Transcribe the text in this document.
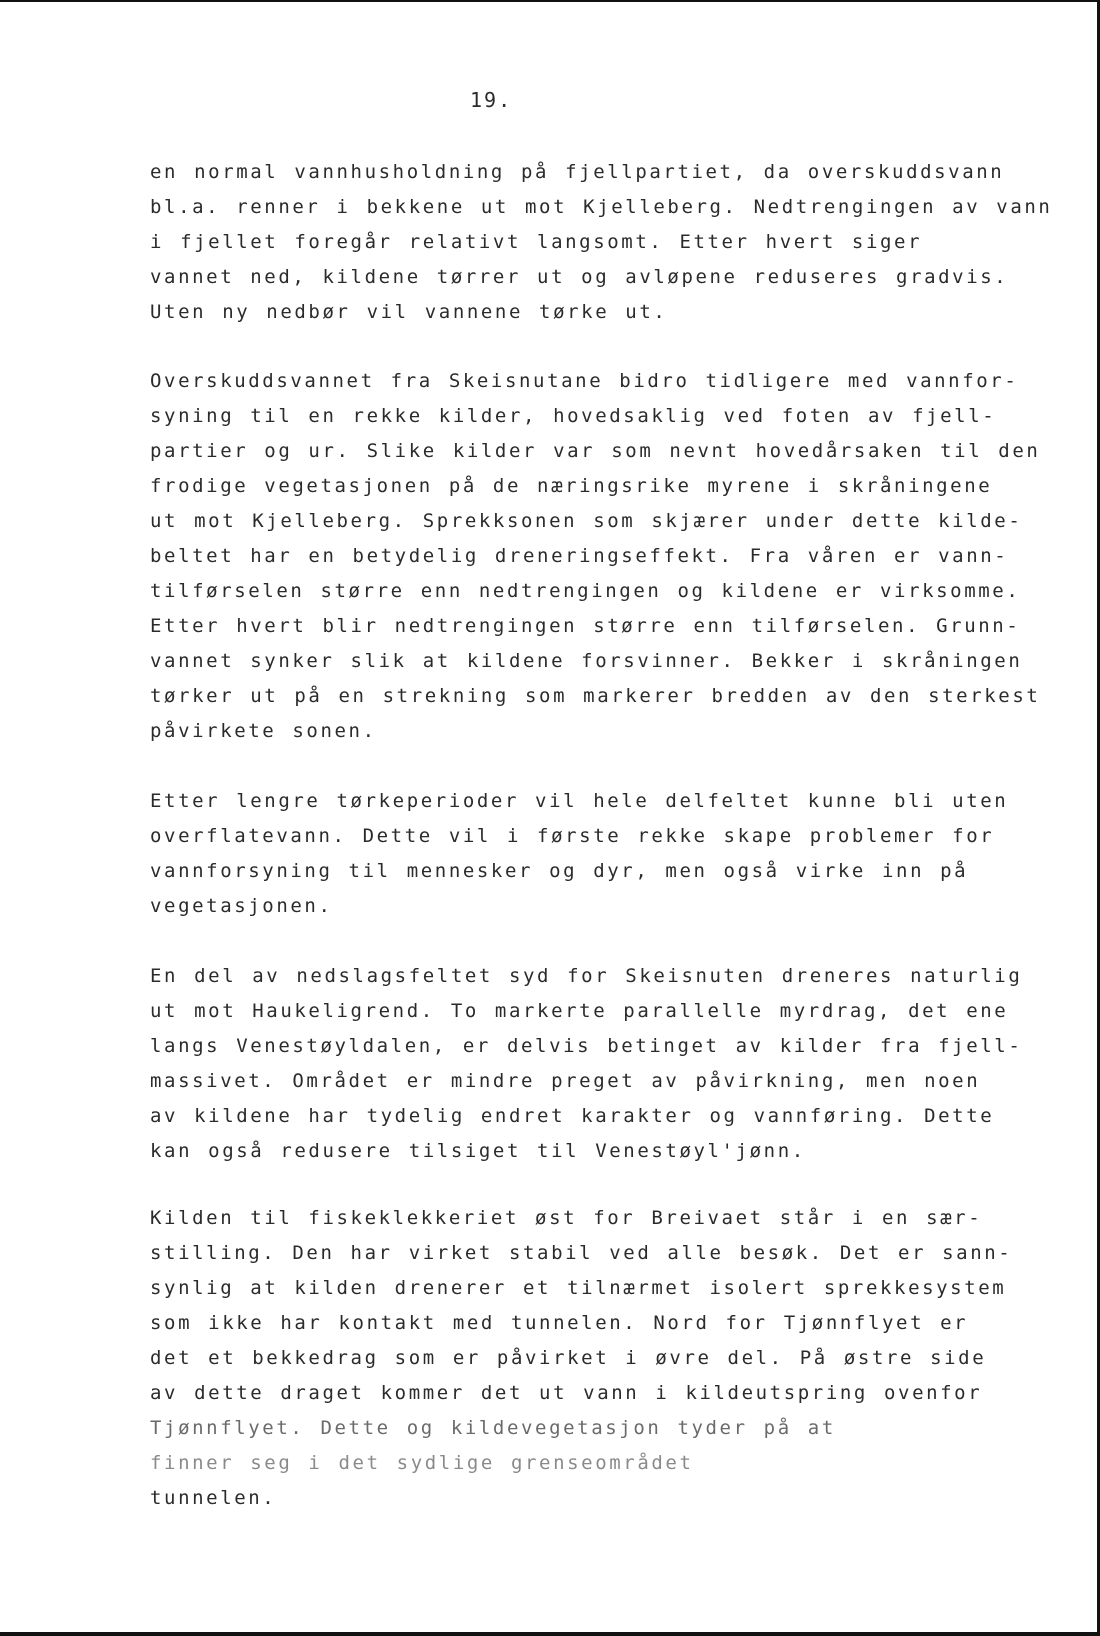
19.
en normal vannhusholdning på fjellpartiet, da overskuddsvann
bl.a. renner i bekkene ut mot Kjelleberg. Nedtrengingen av vann
i fjellet foregår relativt langsomt. Etter hvert siger
vannet ned, kildene tørrer ut og avløpene reduseres gradvis.
Uten ny nedbør vil vannene tørke ut.
Overskuddsvannet fra Skeisnutane bidro tidligere med vannfor-
syning til en rekke kilder, hovedsaklig ved foten av fjell-
partier og ur. Slike kilder var som nevnt hovedårsaken til den
frodige vegetasjonen på de næringsrike myrene i skråningene
ut mot Kjelleberg. Sprekksonen som skjærer under dette kilde-
beltet har en betydelig dreneringseffekt. Fra våren er vann-
tilførselen større enn nedtrengingen og kildene er virksomme.
Etter hvert blir nedtrengingen større enn tilførselen. Grunn-
vannet synker slik at kildene forsvinner. Bekker i skråningen
tørker ut på en strekning som markerer bredden av den sterkest
påvirkete sonen.
Etter lengre tørkeperioder vil hele delfeltet kunne bli uten
overflatevann. Dette vil i første rekke skape problemer for
vannforsyning til mennesker og dyr, men også virke inn på
vegetasjonen.
En del av nedslagsfeltet syd for Skeisnuten dreneres naturlig
ut mot Haukeligrend. To markerte parallelle myrdrag, det ene
langs Venestøyldalen, er delvis betinget av kilder fra fjell-
massivet. Området er mindre preget av påvirkning, men noen
av kildene har tydelig endret karakter og vannføring. Dette
kan også redusere tilsiget til Venestøyl'jønn.
Kilden til fiskeklekkeriet øst for Breivaet står i en sær-
stilling. Den har virket stabil ved alle besøk. Det er sann-
synlig at kilden drenerer et tilnærmet isolert sprekkesystem
som ikke har kontakt med tunnelen. Nord for Tjønnflyet er
det et bekkedrag som er påvirket i øvre del. På østre side
av dette draget kommer det ut vann i kildeutspring ovenfor
Tjønnflyet. Dette og kildevegetasjon tyder på at
finner seg i det sydlige grenseområdet
tunnelen.
